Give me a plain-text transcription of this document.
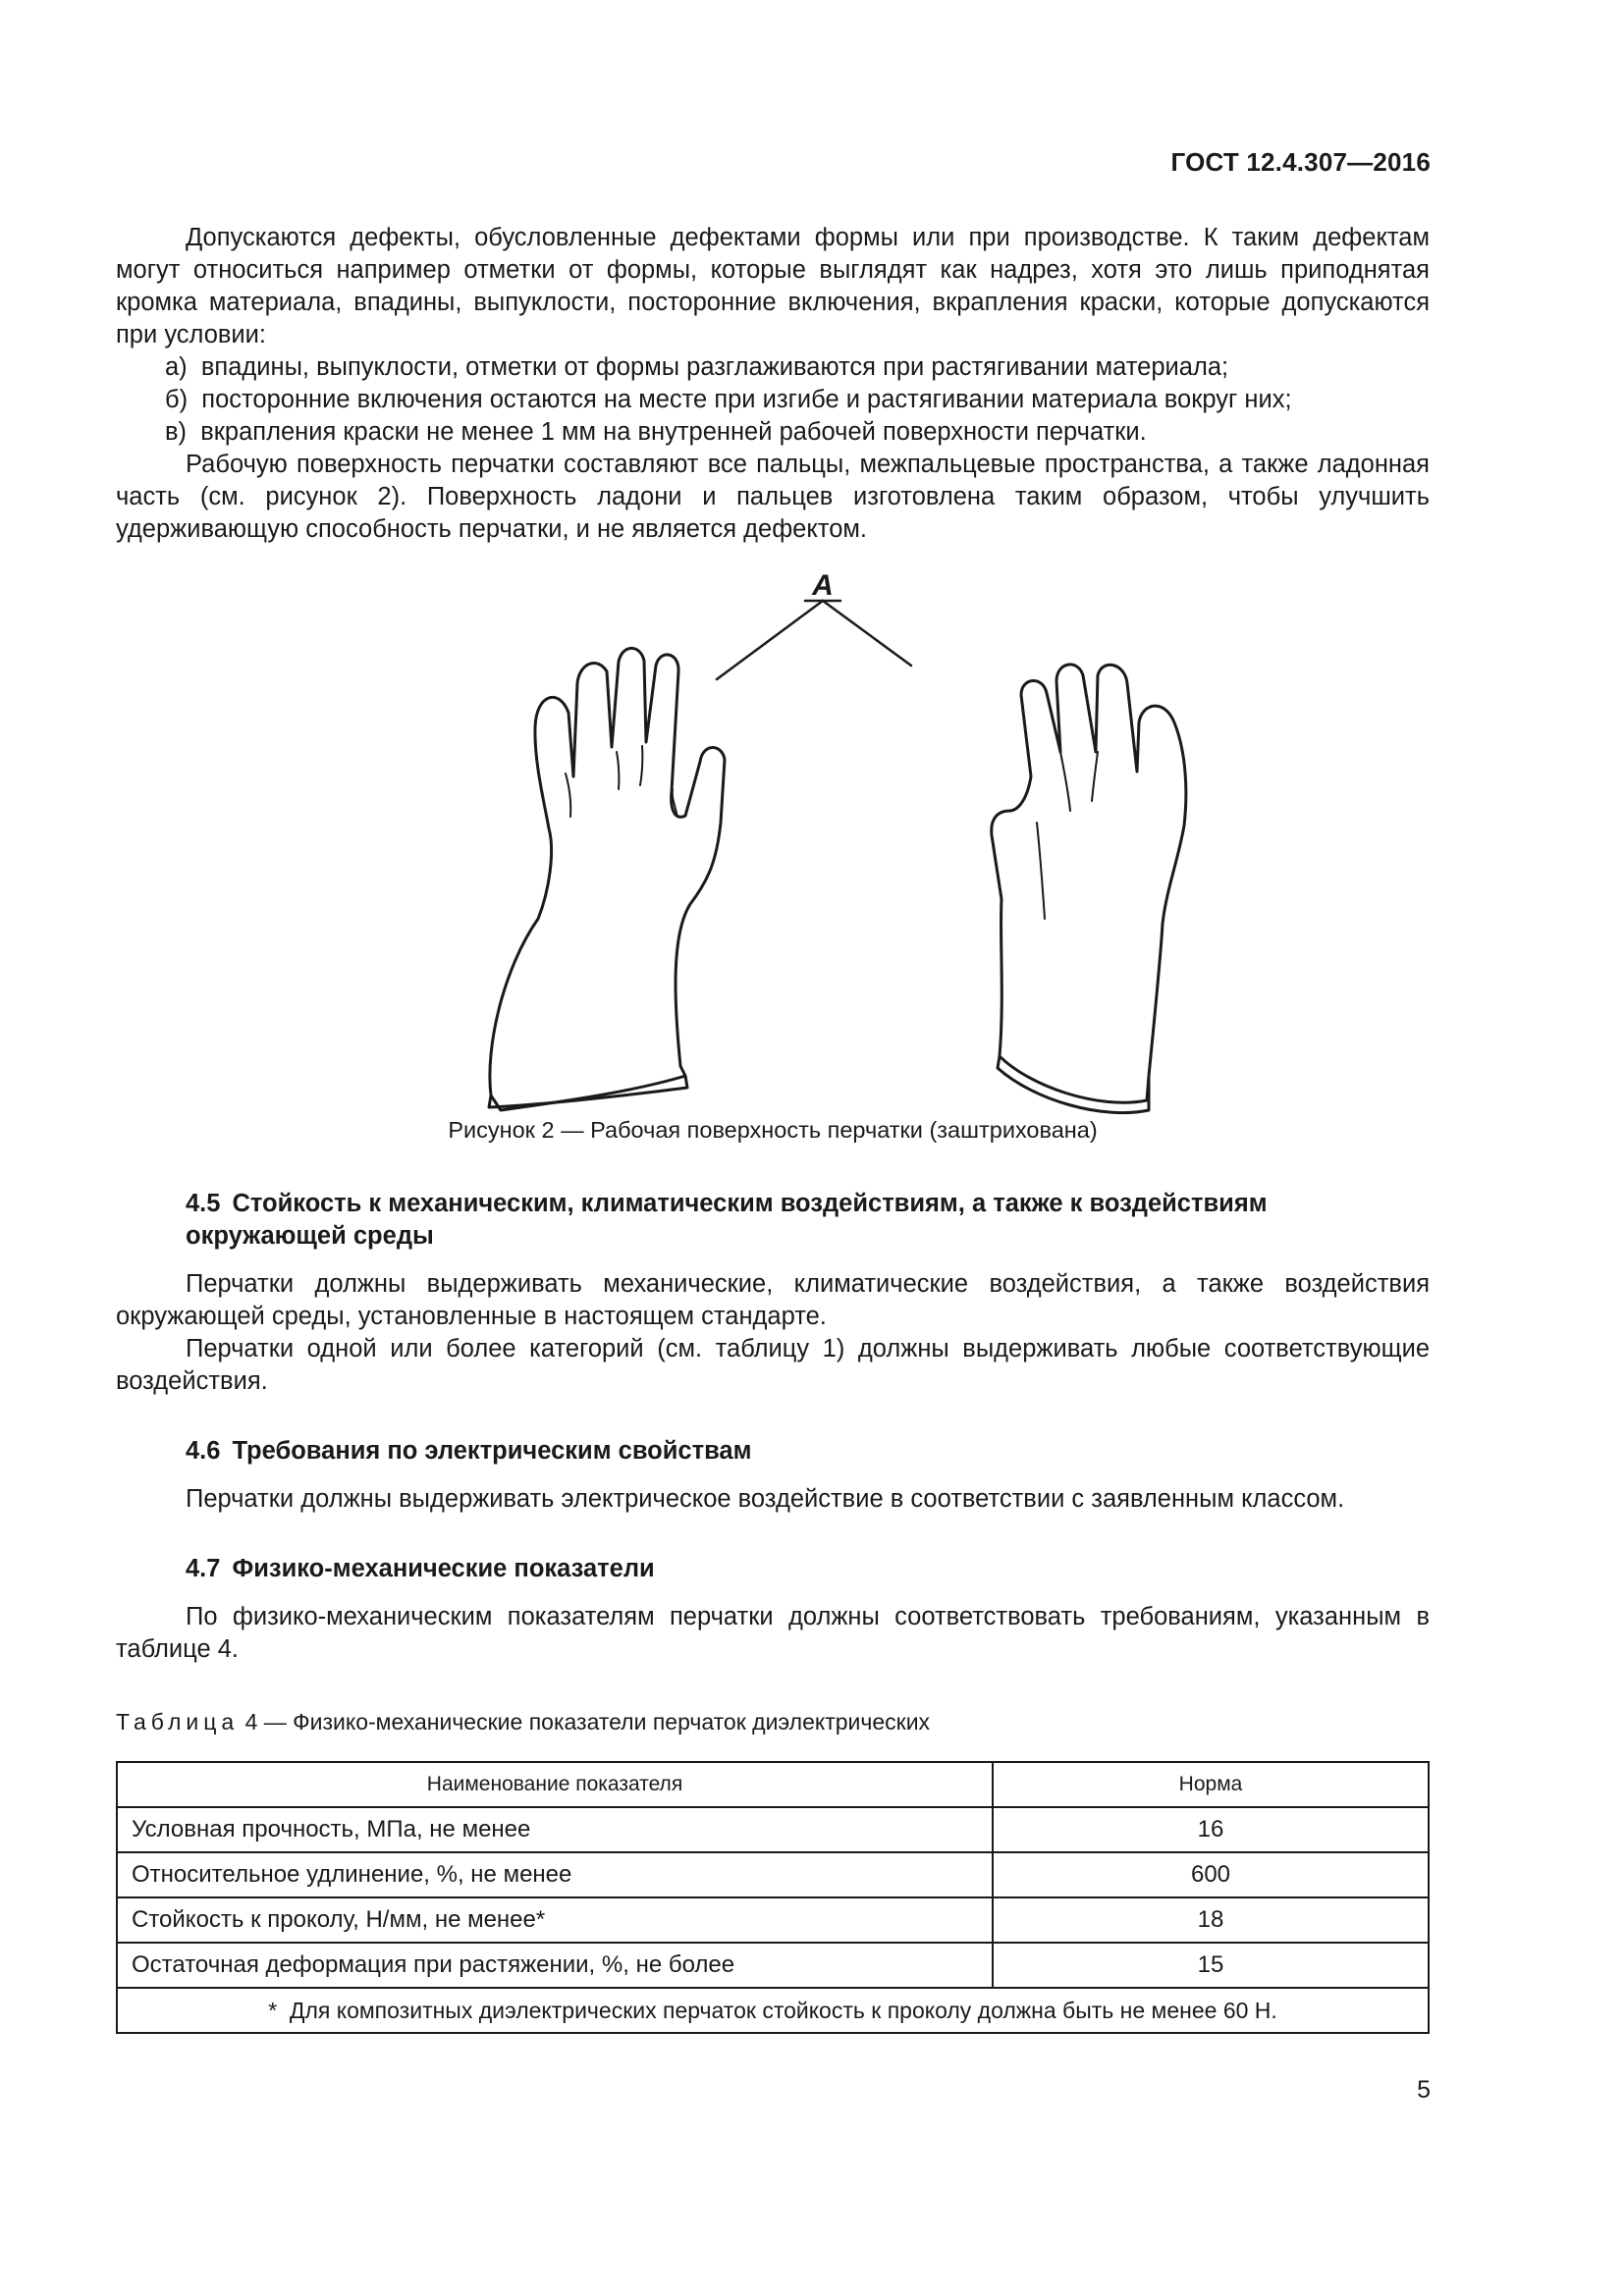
ГОСТ 12.4.307—2016

Допускаются дефекты, обусловленные дефектами формы или при производстве. К таким дефектам могут относиться например отметки от формы, которые выглядят как надрез, хотя это лишь приподнятая кромка материала, впадины, выпуклости, посторонние включения, вкрапления краски, которые допускаются при условии:

а)  впадины, выпуклости, отметки от формы разглаживаются при растягивании материала;

б)  посторонние включения остаются на месте при изгибе и растягивании материала вокруг них;

в)  вкрапления краски не менее 1 мм на внутренней рабочей поверхности перчатки.

Рабочую поверхность перчатки составляют все пальцы, межпальцевые пространства, а также ладонная часть (см. рисунок 2). Поверхность ладони и пальцев изготовлена таким образом, чтобы улучшить удерживающую способность перчатки, и не является дефектом.

А
Рисунок 2 — Рабочая поверхность перчатки (заштрихована)
4.5 Стойкость к механическим, климатическим воздействиям, а также к воздействиям окружающей среды

Перчатки должны выдерживать механические, климатические воздействия, а также воздействия окружающей среды, установленные в настоящем стандарте.

Перчатки одной или более категорий (см. таблицу 1) должны выдерживать любые соответствующие воздействия.

4.6 Требования по электрическим свойствам

Перчатки должны выдерживать электрическое воздействие в соответствии с заявленным классом.

4.7 Физико-механические показатели

По физико-механическим показателям перчатки должны соответствовать требованиям, указанным в таблице 4.

Таблица 4 — Физико-механические показатели перчаток диэлектрических
Наименование показателя	Норма
Условная прочность, МПа, не менее	16
Относительное удлинение, %, не менее	600
Стойкость к проколу, Н/мм, не менее*	18
Остаточная деформация при растяжении, %, не более	15
*  Для композитных диэлектрических перчаток стойкость к проколу должна быть не менее 60 Н.	
5
